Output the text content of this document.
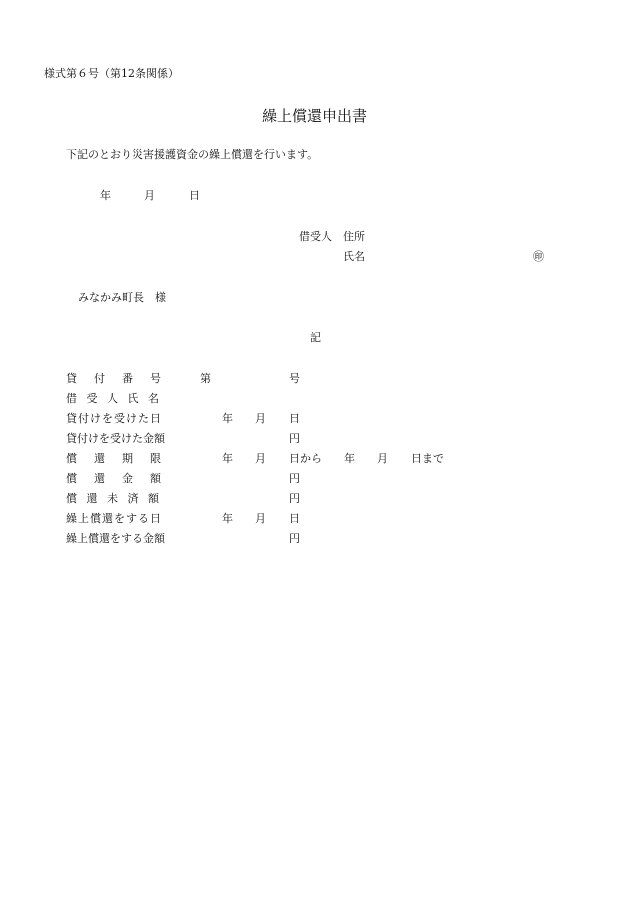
様式第６号（第12条関係）
繰上償還申出書
下記のとおり災害援護資金の繰上償還を行います。
年	月	日
借受人 住所
氏名	㊞
みなかみ町長 様
記
貸付番号 第	号
借受人氏名
貸付けを受けた日	年 月 日
貸付けを受けた金額	円
償還期限	年 月 日から 年 月 日まで
償還金額	円
償還未済額	円
繰上償還をする日	年 月 日
繰上償還をする金額	円
